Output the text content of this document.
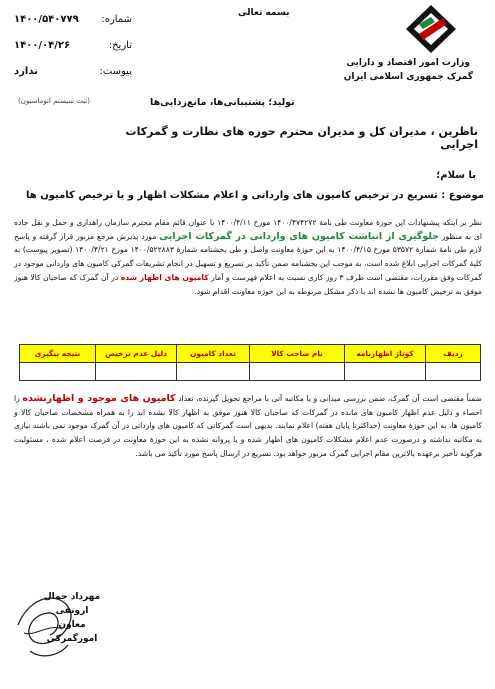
وزارت امور اقتصاد و دارایی
گمرک جمهوری اسلامی ایران
بسمه تعالی
شماره:
۱۴۰۰/۵۴۰۷۷۹
تاریخ:
۱۴۰۰/۰۴/۲۶
پیوست:
ندارد
(ثبت سیستم اتوماسیون)	تولید؛ پشتیبانی‌ها، مانع‌زدایی‌ها
ناظرین ، مدیران کل و مدیران محترم حوزه های نظارت و گمرکات اجرایی
با سلام؛
موضوع : تسریع در ترخیص کامیون های وارداتی و اعلام مشکلات اظهار و یا ترخیص کامیون ها
نظر بر اینکه پیشنهادات این حوزهٔ معاونت طی نامهٔ ۱۴۰۰/۴۷۴۲۷۲ مورخ ۱۴۰۰/۴/۱۱ با عنوان قائم مقام محترم سازمان راهداری و حمل و نقل جاده ای به منظور جلوگیری از انباشت کامیون های وارداتی در گمرکات اجرایی مورد پذیرش مرجع مزبور قرار گرفته و پاسخ لازم طی نامهٔ شمارهٔ ۵۳۵۷۲ مورخ ۱۴۰۰/۴/۱۵ به این حوزهٔ معاونت واصل و طی بخشنامه شمارهٔ ۱۴۰۰/۵۲۲۸۸۳ مورخ ۱۴۰۰/۴/۲۱ (تصویر پیوست) به کلیهٔ گمرکات اجرایی ابلاغ شده است، به موجب این بخشنامه ضمن تأکید بر تسریع و تسهیل در انجام تشریفات گمرکی کامیون های وارداتی موجود در گمرکات وفق مقررات، مقتضی است ظرف ۳ روز کاری نسبت به اعلام فهرست و آمار کامیون های اظهار شده در آن گمرک که صاحبان کالا هنوز موفق به ترخیص کامیون ها نشده اند با ذکر مشکل مربوطه به این حوزه معاونت اقدام شود.
ردیف	کوتاژ اظهارنامه	نام صاحب کالا	تعداد کامیون	دلیل عدم ترخیص	نتیجه پیگیری

ضمناً مقتضی است آن گمرک، ضمن بررسی میدانی و یا مکاتبه آتی با مراجع تحویل گیرنده، تعداد کامیون های موجود و اظهارنشده را احصاء و دلیل عدم اظهار کامیون های مانده در گمرکات که صاحبان کالا هنوز موفق به اظهار کالا نشده اند را به همراه مشخصات صاحبان کالا و کامیون ها، به این حوزهٔ معاونت (حداکثرتا پایان هفته) اعلام نمایند. بدیهی است گمرکاتی که کامیون های وارداتی در آن گمرک موجود نمی باشند نیازی به مکاتبه نداشته و درصورت عدم اعلام مشکلات کامیون های اظهار شده و یا پروانه نشده به این حوزهٔ معاونت در فرصت اعلام شده ، مسئولیت هرگونه تأخیر برعهده بالاترین مقام اجرایی گمرک مزبور خواهد بود. تسریع در ارسال پاسخ مورد تأکید می باشد.
مهرداد جمال ارونقی
معاون امورگمرکی
